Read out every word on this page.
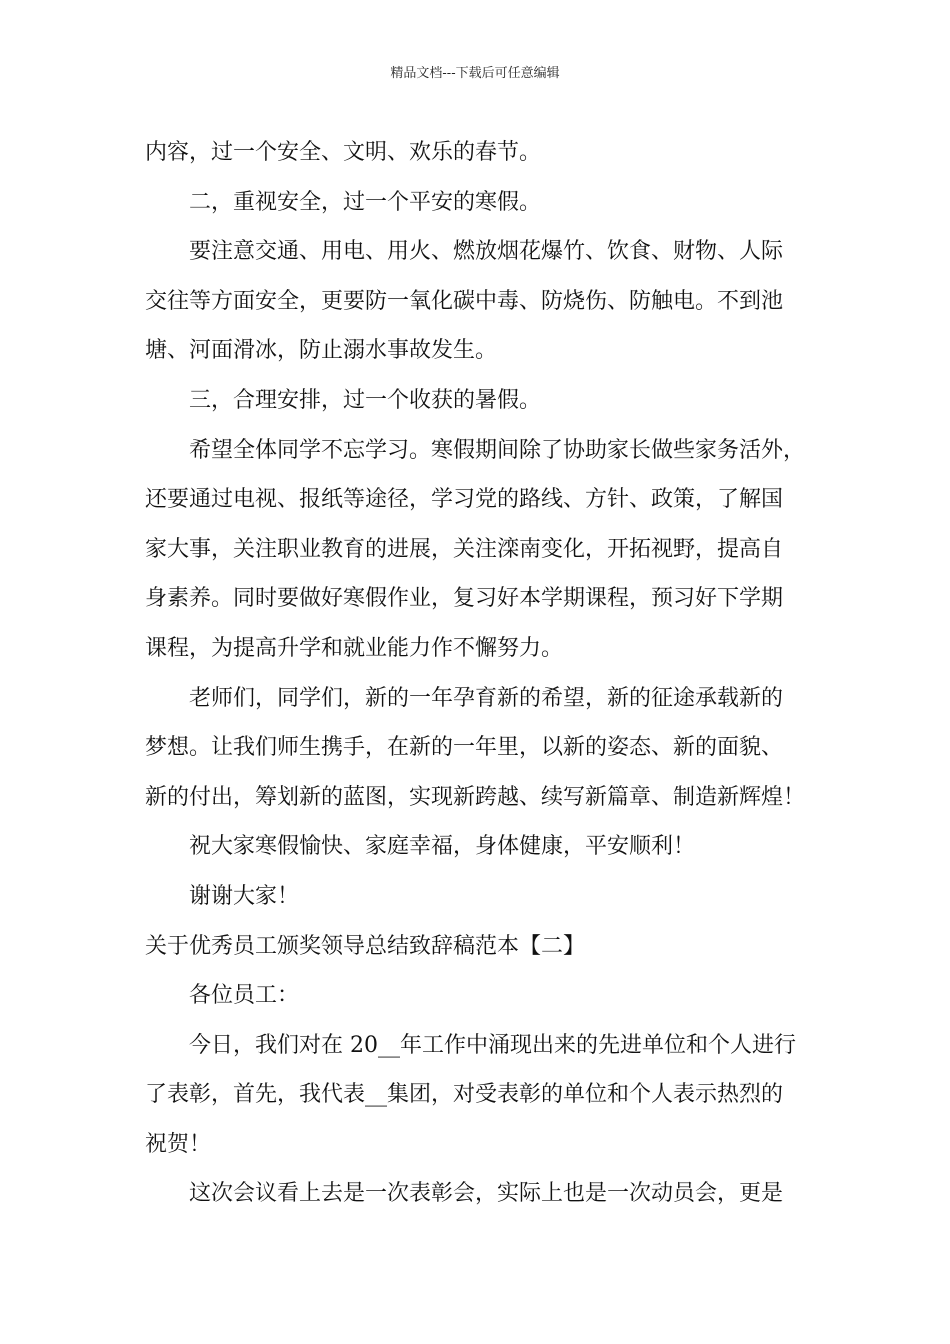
精品文档---下载后可任意编辑
内容，过一个安全、文明、欢乐的春节。
二，重视安全，过一个平安的寒假。
要注意交通、用电、用火、燃放烟花爆竹、饮食、财物、人际
交往等方面安全，更要防一氧化碳中毒、防烧伤、防触电。不到池
塘、河面滑冰，防止溺水事故发生。
三，合理安排，过一个收获的暑假。
希望全体同学不忘学习。寒假期间除了协助家长做些家务活外，
还要通过电视、报纸等途径，学习党的路线、方针、政策，了解国
家大事，关注职业教育的进展，关注滦南变化，开拓视野，提高自
身素养。同时要做好寒假作业，复习好本学期课程，预习好下学期
课程，为提高升学和就业能力作不懈努力。
老师们，同学们，新的一年孕育新的希望，新的征途承载新的
梦想。让我们师生携手，在新的一年里，以新的姿态、新的面貌、
新的付出，筹划新的蓝图，实现新跨越、续写新篇章、制造新辉煌！
祝大家寒假愉快、家庭幸福，身体健康，平安顺利！
谢谢大家！
关于优秀员工颁奖领导总结致辞稿范本【二】
各位员工：
今日，我们对在 20__年工作中涌现出来的先进单位和个人进行
了表彰，首先，我代表__集团，对受表彰的单位和个人表示热烈的
祝贺！
这次会议看上去是一次表彰会，实际上也是一次动员会，更是
